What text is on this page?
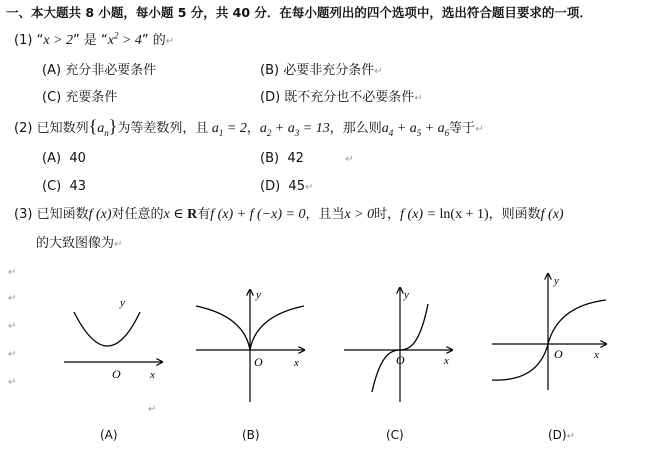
一、本大题共 8 小题，每小题 5 分，共 40 分．在每小题列出的四个选项中，选出符合题目要求的一项．
(1) “x > 2” 是 “$x^2 > 4$” 的↵
(A) 充分非必要条件	(B) 必要非充分条件↵
(C) 充要条件	(D) 既不充分也不必要条件↵
(2) 已知数列$\{a_n\}$为等差数列，且 $a_1 = 2$，$a_2 + a_3 = 13$，那么则$a_4 + a_5 + a_6$等于↵
(A) 40	(B) 42	↵
(C) 43	(D) 45↵
(3) 已知函数f (x)对任意的x ∈ R有f (x) + f (−x) = 0，且当x > 0时，f (x) = ln(x + 1)，则函数f (x)
的大致图像为↵
↵
↵
↵
↵
↵
↵
y
O	x
y
O	x
y
O	x
y
O	x
(A)	(B)	(C)	(D)↵
